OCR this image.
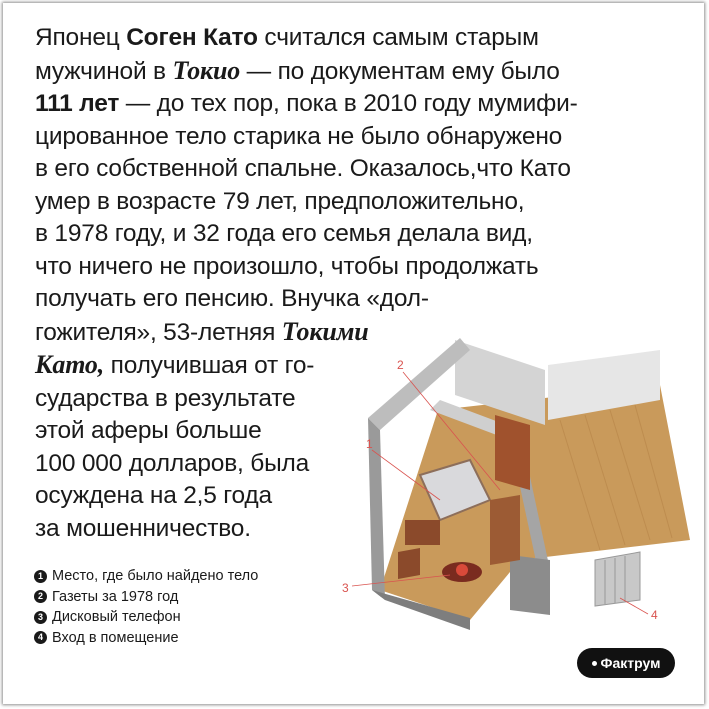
Японец Соген Като считался самым старым
мужчиной в Токио — по документам ему было
111 лет — до тех пор, пока в 2010 году мумифи-
цированное тело старика не было обнаружено
в его собственной спальне. Оказалось,что Като
умер в возрасте 79 лет, предположительно,
в 1978 году, и 32 года его семья делала вид,
что ничего не произошло, чтобы продолжать
получать его пенсию. Внучка «дол-
гожителя», 53-летняя Токими
Като, получившая от го-
сударства в результате
этой аферы больше
100 000 долларов, была
осуждена на 2,5 года
за мошенничество.
1
2
3
4
1 Место, где было найдено тело
2 Газеты за 1978 год
3 Дисковый телефон
4 Вход в помещение
Фактрум
